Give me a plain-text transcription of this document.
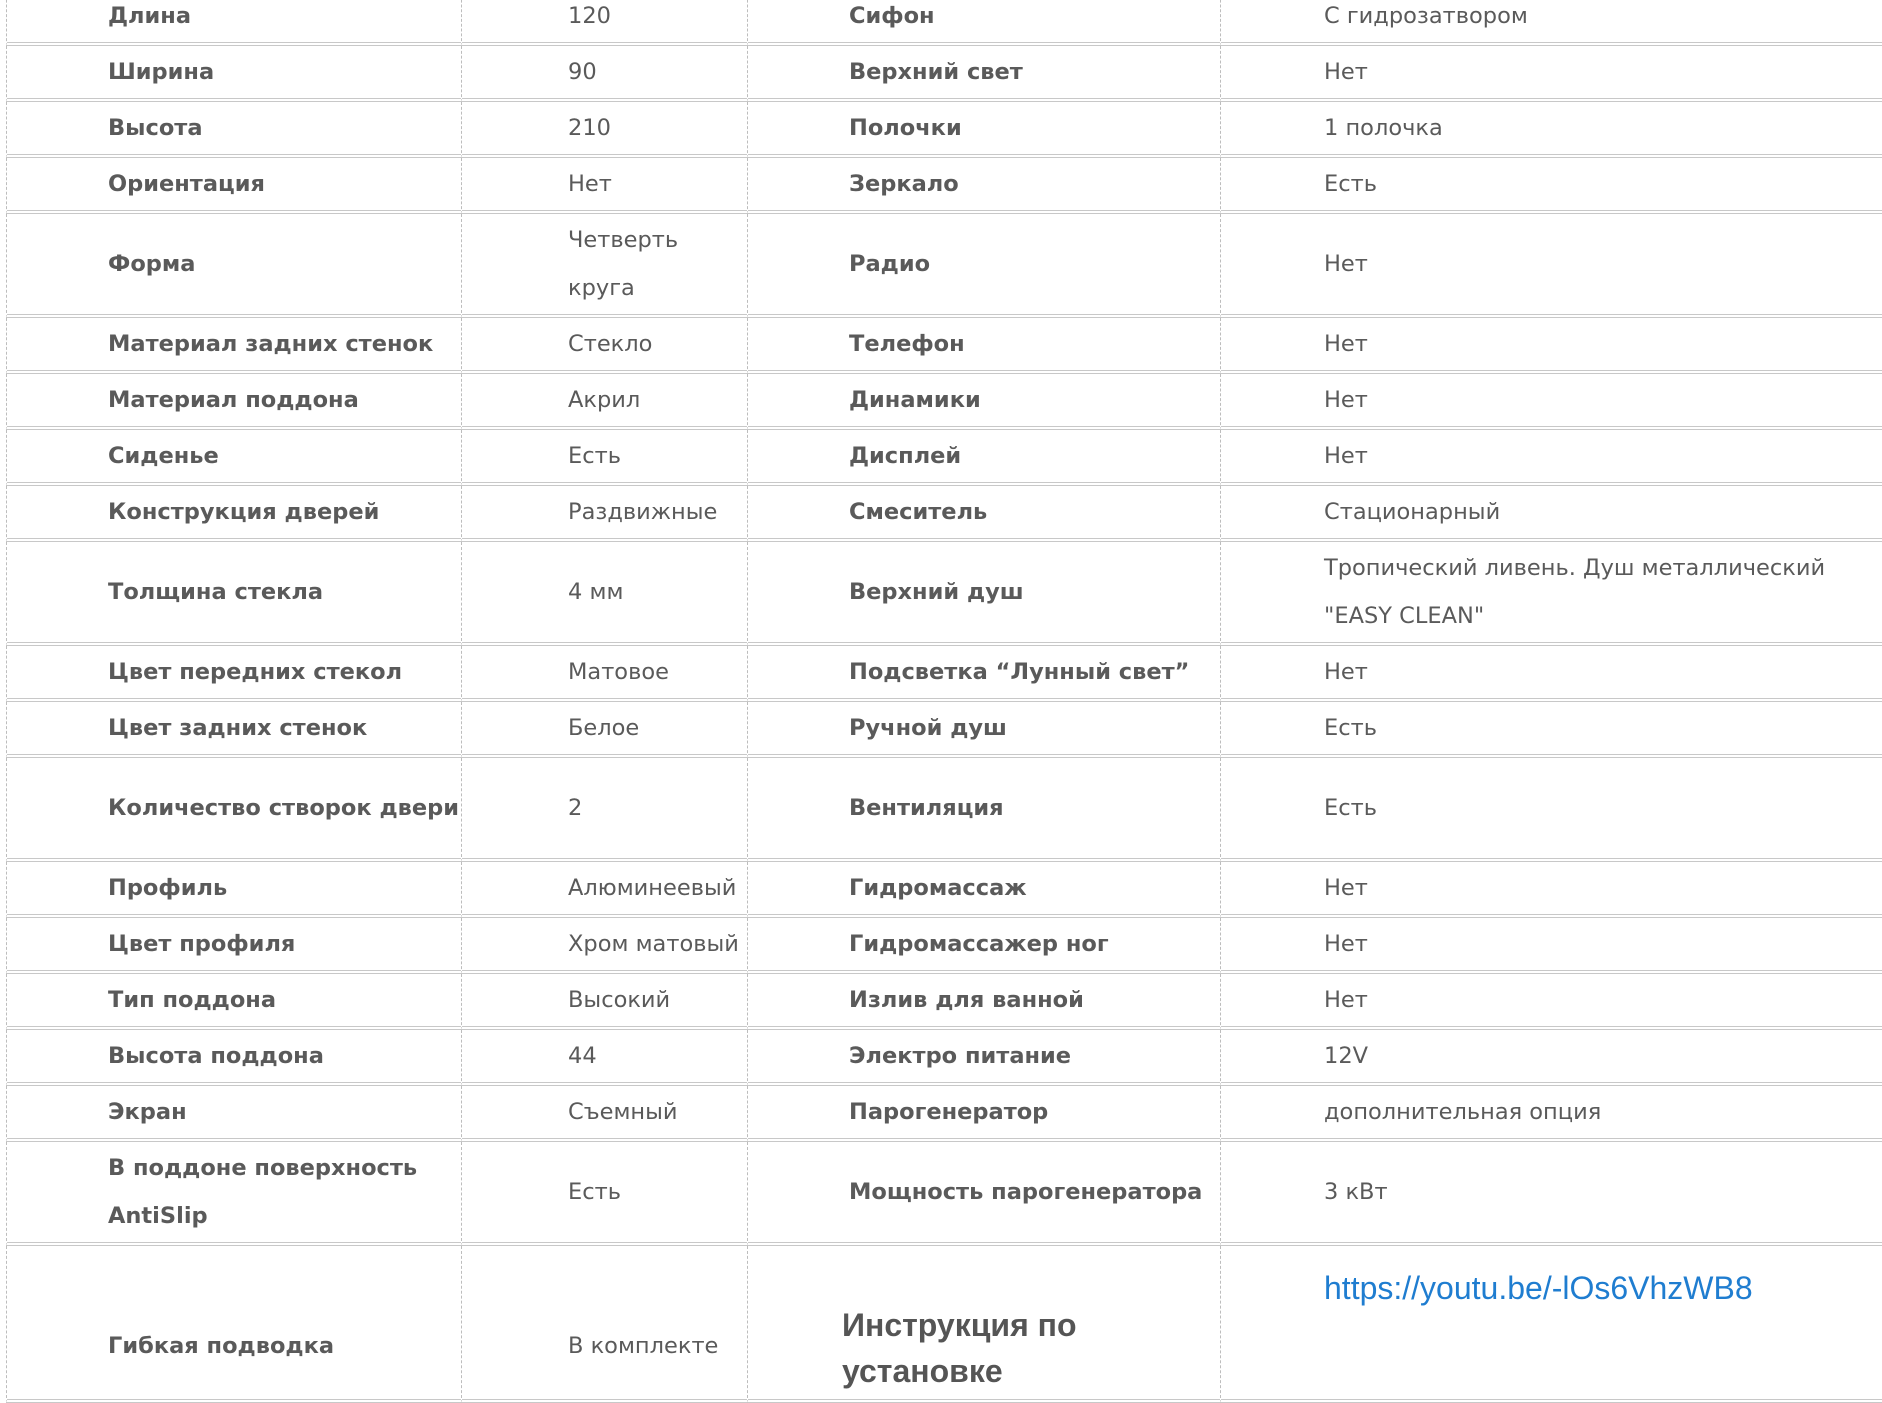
Длина	120	Сифон	С гидрозатвором
Ширина	90	Верхний свет	Нет
Высота	210	Полочки	1 полочка
Ориентация	Нет	Зеркало	Есть
Форма	Четверть круга	Радио	Нет
Материал задних стенок	Стекло	Телефон	Нет
Материал поддона	Акрил	Динамики	Нет
Сиденье	Есть	Дисплей	Нет
Конструкция дверей	Раздвижные	Смеситель	Стационарный
Толщина стекла	4 мм	Верхний душ	Тропический ливень. Душ металлический "EASY CLEAN"
Цвет передних стекол	Матовое	Подсветка “Лунный свет”	Нет
Цвет задних стенок	Белое	Ручной душ	Есть
Количество створок двери	2	Вентиляция	Есть
Профиль	Алюминеевый	Гидромассаж	Нет
Цвет профиля	Хром матовый	Гидромассажер ног	Нет
Тип поддона	Высокий	Излив для ванной	Нет
Высота поддона	44	Электро питание	12V
Экран	Съемный	Парогенератор	дополнительная опция
В поддоне поверхность AntiSlip	Есть	Мощность парогенератора	3 кВт
Гибкая подводка	В комплекте	Инструкция по установке	https://youtu.be/-lOs6VhzWB8
